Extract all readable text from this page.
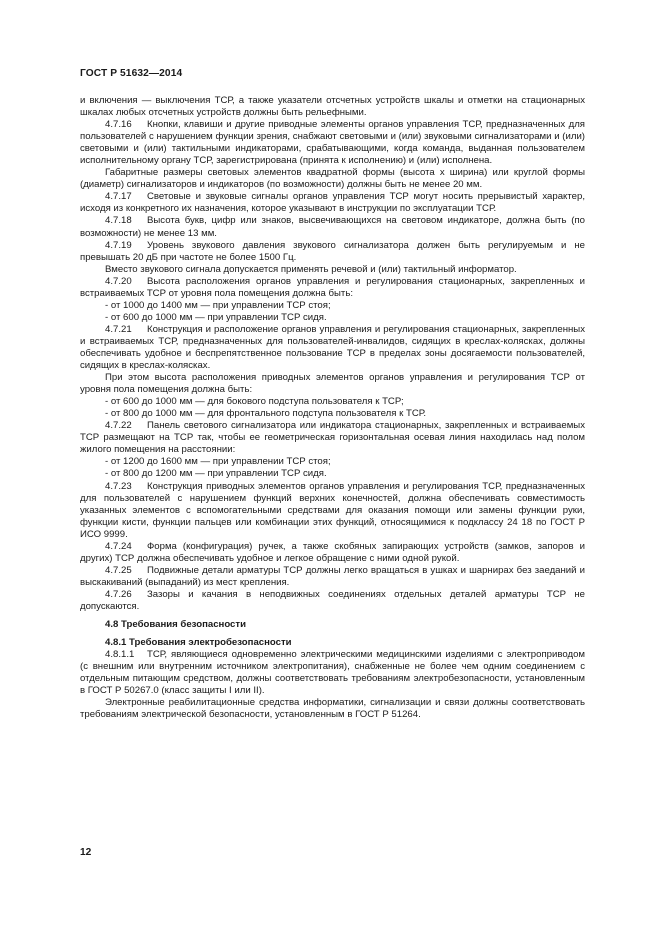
ГОСТ Р 51632—2014

и включения — выключения ТСР, а также указатели отсчетных устройств шкалы и отметки на стационарных шкалах любых отсчетных устройств должны быть рельефными.

4.7.16 Кнопки, клавиши и другие приводные элементы органов управления ТСР, предназначенных для пользователей с нарушением функции зрения, снабжают световыми и (или) звуковыми сигнализаторами и (или) световыми и (или) тактильными индикаторами, срабатывающими, когда команда, выданная пользователем исполнительному органу ТСР, зарегистрирована (принята к исполнению) и (или) исполнена.

Габаритные размеры световых элементов квадратной формы (высота х ширина) или круглой формы (диаметр) сигнализаторов и индикаторов (по возможности) должны быть не менее 20 мм.

4.7.17 Световые и звуковые сигналы органов управления ТСР могут носить прерывистый характер, исходя из конкретного их назначения, которое указывают в инструкции по эксплуатации ТСР.

4.7.18 Высота букв, цифр или знаков, высвечивающихся на световом индикаторе, должна быть (по возможности) не менее 13 мм.

4.7.19 Уровень звукового давления звукового сигнализатора должен быть регулируемым и не превышать 20 дБ при частоте не более 1500 Гц.

Вместо звукового сигнала допускается применять речевой и (или) тактильный информатор.

4.7.20 Высота расположения органов управления и регулирования стационарных, закрепленных и встраиваемых ТСР от уровня пола помещения должна быть:

- от 1000 до 1400 мм — при управлении ТСР стоя;

- от 600 до 1000 мм — при управлении ТСР сидя.

4.7.21 Конструкция и расположение органов управления и регулирования стационарных, закрепленных и встраиваемых ТСР, предназначенных для пользователей-инвалидов, сидящих в креслах-колясках, должны обеспечивать удобное и беспрепятственное пользование ТСР в пределах зоны досягаемости пользователей, сидящих в креслах-колясках.

При этом высота расположения приводных элементов органов управления и регулирования ТСР от уровня пола помещения должна быть:

- от 600 до 1000 мм — для бокового подступа пользователя к ТСР;

- от 800 до 1000 мм — для фронтального подступа пользователя к ТСР.

4.7.22 Панель светового сигнализатора или индикатора стационарных, закрепленных и встраиваемых ТСР размещают на ТСР так, чтобы ее геометрическая горизонтальная осевая линия находилась над полом жилого помещения на расстоянии:

- от 1200 до 1600 мм — при управлении ТСР стоя;

- от 800 до 1200 мм — при управлении ТСР сидя.

4.7.23 Конструкция приводных элементов органов управления и регулирования ТСР, предназначенных для пользователей с нарушением функций верхних конечностей, должна обеспечивать совместимость указанных элементов с вспомогательными средствами для оказания помощи или замены функции руки, функции кисти, функции пальцев или комбинации этих функций, относящимися к подклассу 24 18 по ГОСТ Р ИСО 9999.

4.7.24 Форма (конфигурация) ручек, а также скобяных запирающих устройств (замков, запоров и других) ТСР должна обеспечивать удобное и легкое обращение с ними одной рукой.

4.7.25 Подвижные детали арматуры ТСР должны легко вращаться в ушках и шарнирах без заеданий и выскакиваний (выпаданий) из мест крепления.

4.7.26 Зазоры и качания в неподвижных соединениях отдельных деталей арматуры ТСР не допускаются.

4.8 Требования безопасности

4.8.1 Требования электробезопасности

4.8.1.1 ТСР, являющиеся одновременно электрическими медицинскими изделиями с электроприводом (с внешним или внутренним источником электропитания), снабженные не более чем одним соединением с отдельным питающим средством, должны соответствовать требованиям электробезопасности, установленным в ГОСТ Р 50267.0 (класс защиты I или II).

Электронные реабилитационные средства информатики, сигнализации и связи должны соответствовать требованиям электрической безопасности, установленным в ГОСТ Р 51264.

12
